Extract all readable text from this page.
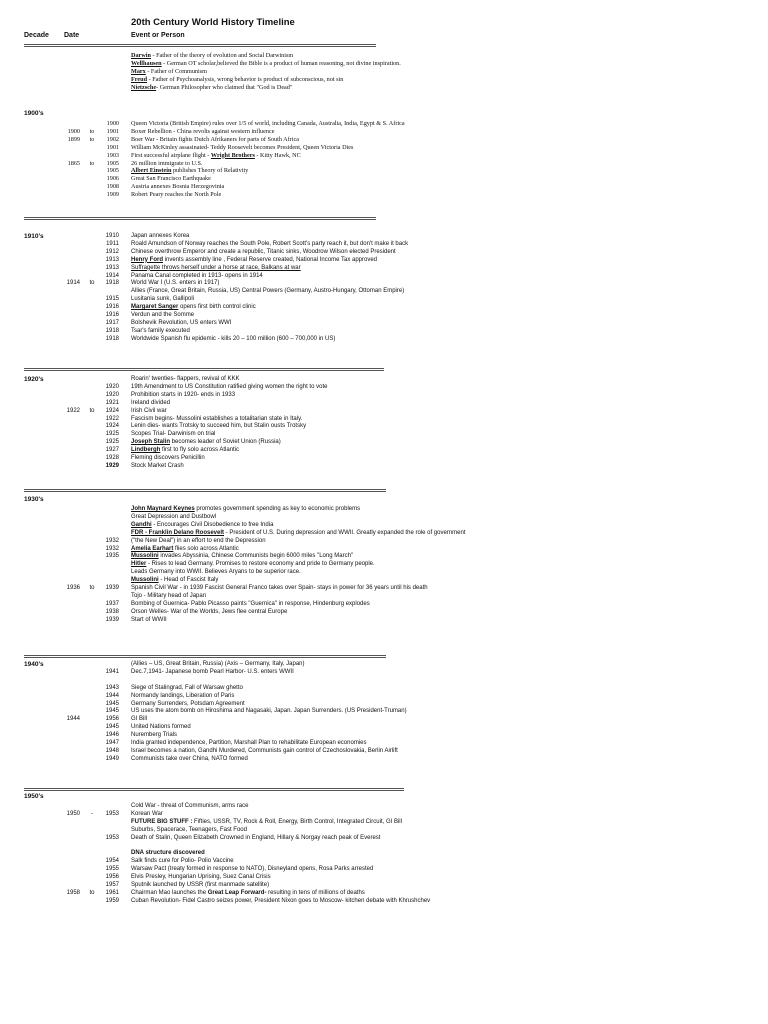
20th Century World History Timeline
Decade Date	Event or Person
Darwin - Father of the theory of evolution and Social Darwinism
Wellhausen - German OT scholar,believed the Bible is a product of human reasoning, not divine inspiration.
Marx - Father of Communism
Freud - Father of Psychoanalysis, wrong behavior is product of subconscious, not sin
Nietzsche- German Philosopher who claimed that "God is Dead"
1900's
1900 Queen Victoria (British Empire) rules over 1/5 of world, including Canada, Australia, India, Egypt & S. Africa
1900 to	1901 Boxer Rebellion - China revolts against western influence
1899 to	1902 Boer War - Britain fights Dutch Afrikaners for parts of South Africa
1901 William McKinley assasinated- Teddy Roosevelt becomes President, Queen Victoria Dies
1903 First successful airplane flight - Wright Brothers - Kitty Hawk, NC
1865 to	1905 26 million immigrate to U.S.
1905 Albert Einstein publishes Theory of Relativity
1906 Great San Francisco Earthquake
1908 Austria annexes Bosnia Herzegovinia
1909 Robert Peary reaches the North Pole
1910's	1910 Japan annexes Korea
1911 Roald Amundson of Norway reaches the South Pole, Robert Scott's party reach it, but don't make it back
1912 Chinese overthrow Emperor and create a republic, Titanic sinks, Woodrow Wilson elected President
1913 Henry Ford invents assembly line , Federal Reserve created, National Income Tax approved
1913 Suffragette throws herself under a horse at race, Balkans at war
1914 Panama Canal completed in 1913- opens in 1914
1914 to	1918 World War I (U.S. enters in 1917)
Allies (France, Great Britain, Russia, US) Central Powers (Germany, Austro-Hungary, Ottoman Empire)
1915 Lusitania sunk, Gallipoli
1916 Margaret Sanger opens first birth control clinic
1916 Verdun and the Somme
1917 Bolshevik Revolution, US enters WWI
1918 Tsar's family executed
1918 Worldwide Spanish flu epidemic - kills 20 – 100 million (600 – 700,000 in US)
1920's	Roarin' twenties- flappers, revival of KKK
1920 19th Amendment to US Constitution ratified giving women the right to vote
1920 Prohibition starts in 1920- ends in 1933
1921 Ireland divided
1922 to	1924 Irish Civil war
1922 Fascism begins- Mussolini establishes a totalitarian state in Italy.
1924 Lenin dies- wants Trotsky to succeed him, but Stalin ousts Trotsky
1925 Scopes Trial- Darwinism on trial
1925 Joseph Stalin becomes leader of Soviet Union (Russia)
1927 Lindbergh first to fly solo across Atlantic
1928 Fleming discovers Penicillin
1929 Stock Market Crash
1930's
John Maynard Keynes promotes government spending as key to economic problems
Great Depression and Dustbowl
Gandhi - Encourages Civil Disobedience to free India
FDR - Franklin Delano Roosevelt - President of U.S. During depression and WWII. Greatly expanded the role of government
1932 ("the New Deal") in an effort to end the Depression
1932 Amelia Earhart flies solo across Atlantic
1935 Mussolini invades Abyssinia, Chinese Communists begin 6000 miles "Long March"
Hitler - Rises to lead Germany. Promises to restore economy and pride to Germany people.
Leads Germany into WWII. Believes Aryans to be superior race.
Mussolini - Head of Fascist Italy
1936 to	1939 Spanish Civil War - in 1939 Fascist General Franco takes over Spain- stays in power for 36 years until his death
Tojo - Military head of Japan
1937 Bombing of Guernica- Pablo Picasso paints "Guernica" in response, Hindenburg explodes
1938 Orson Welles- War of the Worlds, Jews flee central Europe
1939 Start of WWII
1940's	(Allies – US, Great Britain, Russia) (Axis – Germany, Italy, Japan)
1941 Dec.7,1941- Japanese bomb Pearl Harbor- U.S. enters WWII
1943 Siege of Stalingrad, Fall of Warsaw ghetto
1944 Normandy landings, Liberation of Paris
1945 Germany Surrenders, Potsdam Agreement
1945 US uses the atom bomb on Hiroshima and Nagasaki, Japan. Japan Surrenders. (US President-Truman)
1944	1956 GI Bill
1945 United Nations formed
1946 Nuremberg Trials
1947 India granted independence, Partition, Marshall Plan to rehabilitate European economies
1948 Israel becomes a nation, Gandhi Murdered, Communists gain control of Czechoslovakia, Berlin Airlift
1949 Communists take over China, NATO formed
1950's
Cold War - threat of Communism, arms race
1950	-	1953 Korean War
FUTURE BIG STUFF : Fifties, USSR, TV, Rock & Roll, Energy, Birth Control, Integrated Circuit, GI Bill
Suburbs, Spacerace, Teenagers, Fast Food
1953 Death of Stalin, Queen Elizabeth Crowned in England, Hillary & Norgay reach peak of Everest
DNA structure discovered
1954 Salk finds cure for Polio- Polio Vaccine
1955 Warsaw Pact (treaty formed in response to NATO), Disneyland opens, Rosa Parks arrested
1956 Elvis Presley, Hungarian Uprising, Suez Canal Crisis
1957 Sputnik launched by USSR (first manmade satellite)
1958 to	1961 Chairman Mao launches the Great Leap Forward- resulting in tens of millions of deaths
1959 Cuban Revolution- Fidel Castro seizes power, President Nixon goes to Moscow- kitchen debate with Khrushchev
